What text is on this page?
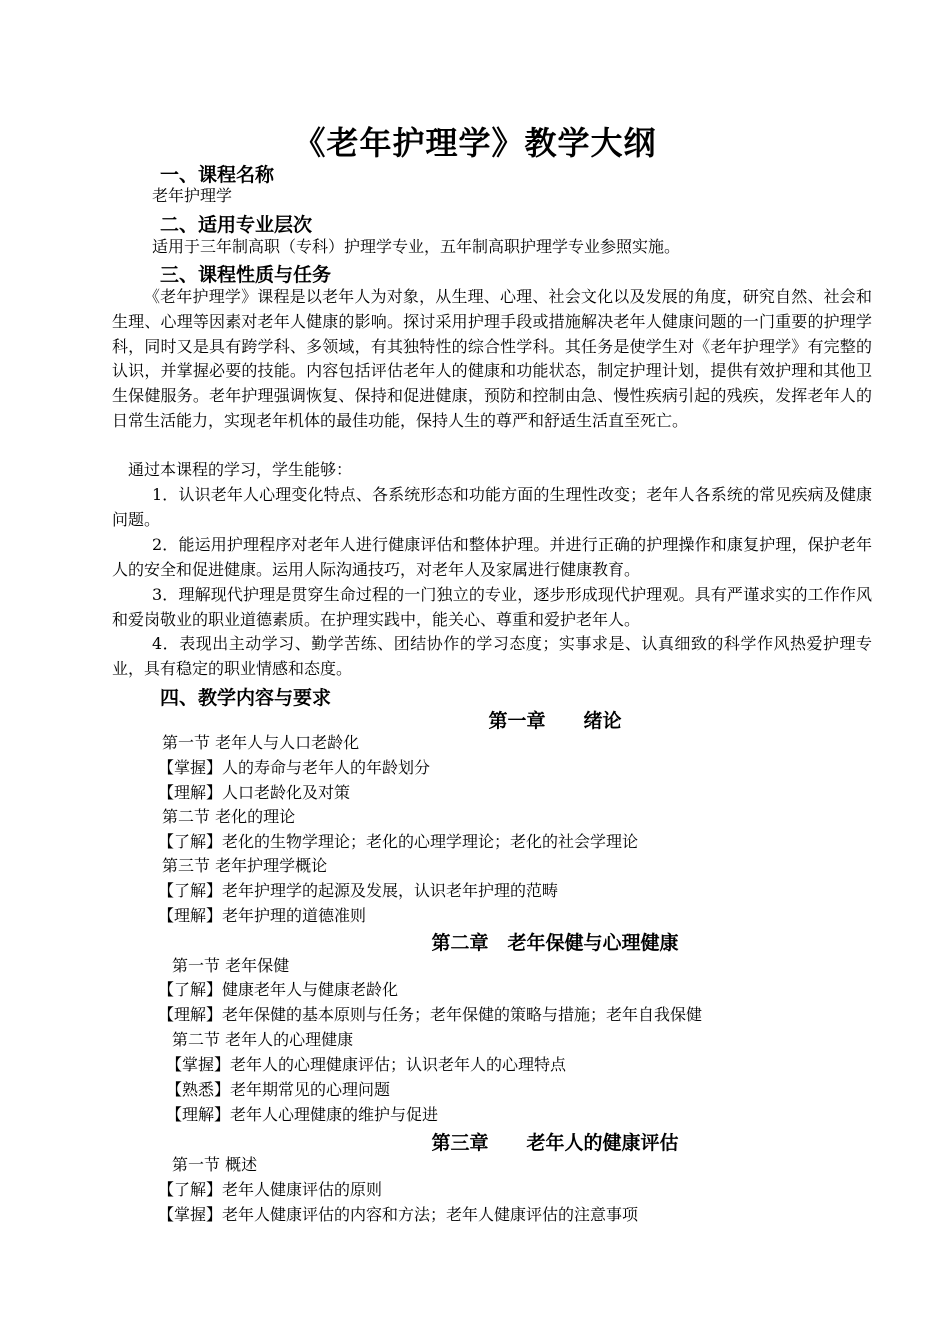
《老年护理学》教学大纲
一、课程名称
老年护理学
二、适用专业层次
适用于三年制高职（专科）护理学专业，五年制高职护理学专业参照实施。
三、课程性质与任务

《老年护理学》课程是以老年人为对象，从生理、心理、社会文化以及发展的角度，研究自然、社会和生理、心理等因素对老年人健康的影响。探讨采用护理手段或措施解决老年人健康问题的一门重要的护理学科，同时又是具有跨学科、多领域，有其独特性的综合性学科。其任务是使学生对《老年护理学》有完整的认识，并掌握必要的技能。内容包括评估老年人的健康和功能状态，制定护理计划，提供有效护理和其他卫生保健服务。老年护理强调恢复、保持和促进健康，预防和控制由急、慢性疾病引起的残疾，发挥老年人的日常生活能力，实现老年机体的最佳功能，保持人生的尊严和舒适生活直至死亡。

通过本课程的学习，学生能够：

1．认识老年人心理变化特点、各系统形态和功能方面的生理性改变；老年人各系统的常见疾病及健康问题。

2．能运用护理程序对老年人进行健康评估和整体护理。并进行正确的护理操作和康复护理，保护老年人的安全和促进健康。运用人际沟通技巧，对老年人及家属进行健康教育。

3．理解现代护理是贯穿生命过程的一门独立的专业，逐步形成现代护理观。具有严谨求实的工作作风和爱岗敬业的职业道德素质。在护理实践中，能关心、尊重和爱护老年人。

4．表现出主动学习、勤学苦练、团结协作的学习态度；实事求是、认真细致的科学作风热爱护理专业，具有稳定的职业情感和态度。

四、教学内容与要求
第一章　　绪论
第一节 老年人与人口老龄化
【掌握】人的寿命与老年人的年龄划分
【理解】人口老龄化及对策
第二节 老化的理论
【了解】老化的生物学理论；老化的心理学理论；老化的社会学理论
第三节 老年护理学概论
【了解】老年护理学的起源及发展，认识老年护理的范畴
【理解】老年护理的道德准则
第二章　老年保健与心理健康
第一节 老年保健
【了解】健康老年人与健康老龄化
【理解】老年保健的基本原则与任务；老年保健的策略与措施；老年自我保健
第二节 老年人的心理健康
【掌握】老年人的心理健康评估；认识老年人的心理特点
【熟悉】老年期常见的心理问题
【理解】老年人心理健康的维护与促进
第三章　　老年人的健康评估
第一节 概述
【了解】老年人健康评估的原则
【掌握】老年人健康评估的内容和方法；老年人健康评估的注意事项
